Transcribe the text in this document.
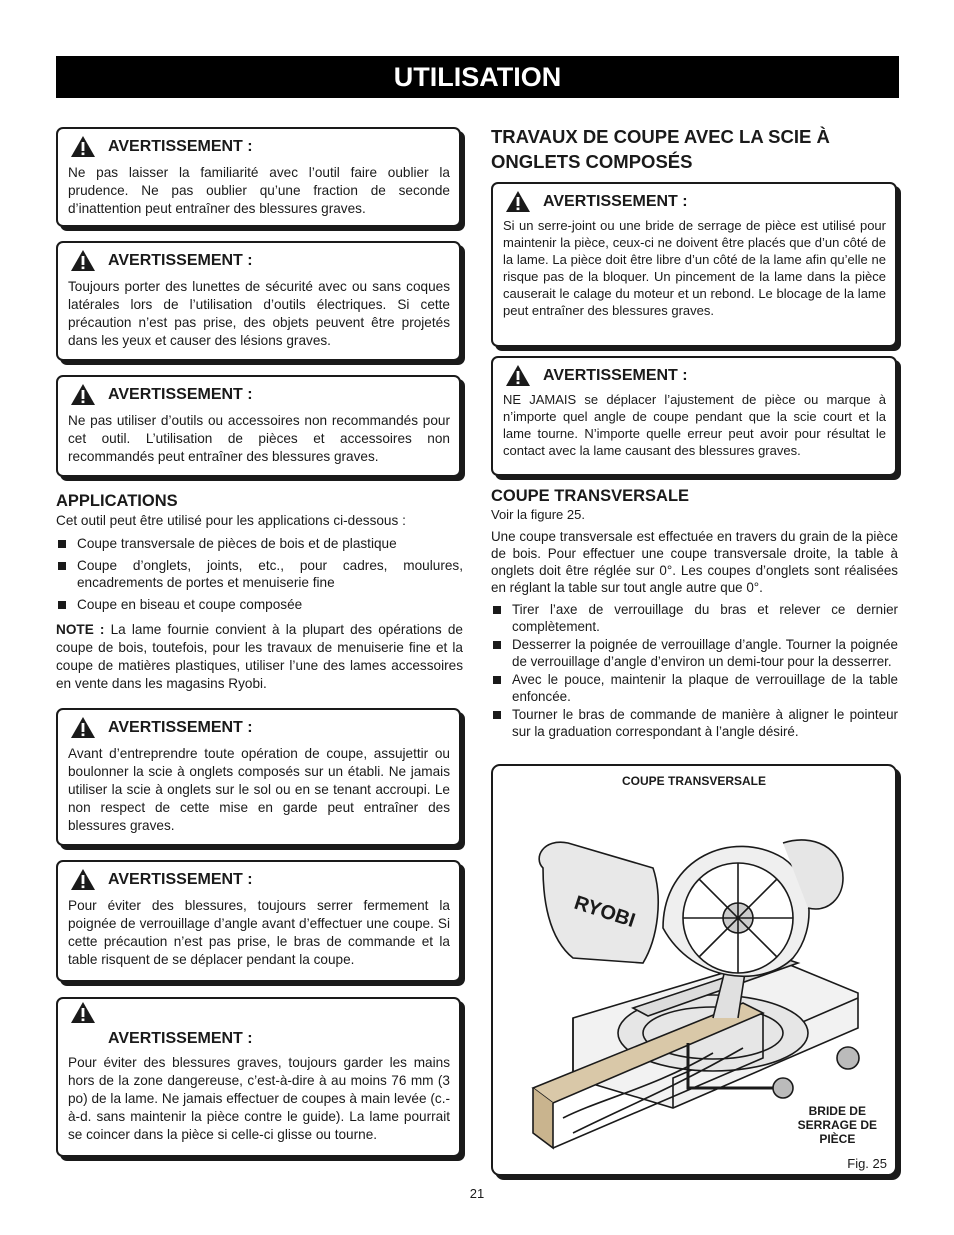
UTILISATION
AVERTISSEMENT :
Ne pas laisser la familiarité avec l’outil faire oublier la prudence. Ne pas oublier qu’une fraction de seconde d’inattention peut entraîner des blessures graves.
AVERTISSEMENT :
Toujours porter des lunettes de sécurité avec ou sans coques latérales lors de l’utilisation d’outils électriques. Si cette précaution n’est pas prise, des objets peuvent être projetés dans les yeux et causer des lésions graves.
AVERTISSEMENT :
Ne pas utiliser d’outils ou accessoires non recommandés pour cet outil. L’utilisation de pièces et accessoires non recommandés peut entraîner des blessures graves.
APPLICATIONS
Cet outil peut être utilisé pour les applications ci-dessous :
Coupe transversale de pièces de bois et de plastique
Coupe d’onglets, joints, etc., pour cadres, moulures, encadrements de portes et menuiserie fine
Coupe en biseau et coupe composée
NOTE : La lame fournie convient à la plupart des opérations de coupe de bois, toutefois, pour les travaux de menuiserie fine et la coupe de matières plastiques, utiliser l’une des lames accessoires en vente dans les magasins Ryobi.
AVERTISSEMENT :
Avant d’entreprendre toute opération de coupe, assujettir ou boulonner la scie à onglets composés sur un établi. Ne jamais utiliser la scie à onglets sur le sol ou en se tenant accroupi. Le non respect de cette mise en garde peut entraîner des blessures graves.
AVERTISSEMENT :
Pour éviter des blessures, toujours serrer fermement la poignée de verrouillage d’angle avant d’effectuer une coupe. Si cette précaution n’est pas prise, le bras de commande et la table risquent de se déplacer pendant la coupe.
AVERTISSEMENT :
Pour éviter des blessures graves, toujours garder les mains hors de la zone dangereuse, c’est-à-dire à au moins 76 mm (3 po) de la lame. Ne jamais effectuer de coupes à main levée (c.-à-d. sans maintenir la pièce contre le guide). La lame pourrait se coincer dans la pièce si celle-ci glisse ou tourne.
TRAVAUX DE COUPE AVEC LA SCIE À ONGLETS COMPOSÉS
AVERTISSEMENT :
Si un serre-joint ou une bride de serrage de pièce est utilisé pour maintenir la pièce, ceux-ci ne doivent être placés que d’un côté de la lame. La pièce doit être libre d’un côté de la lame afin qu’elle ne risque pas de la bloquer. Un pincement de la lame dans la pièce causerait le calage du moteur et un rebond. Le blocage de la lame peut entraîner des blessures graves.
AVERTISSEMENT :
NE JAMAIS se déplacer l’ajustement de pièce ou marque à n’importe quel angle de coupe pendant que la scie court et la lame tourne. N’importe quelle erreur peut avoir pour résultat le contact avec la lame causant des blessures graves.
COUPE TRANSVERSALE
Voir la figure 25.
Une coupe transversale est effectuée en travers du grain de la pièce de bois. Pour effectuer une coupe transversale droite, la table à onglets doit être réglée sur 0°. Les coupes d’onglets sont réalisées en réglant la table sur tout angle autre que 0°.
Tirer l’axe de verrouillage du bras et relever ce dernier complètement.
Desserrer la poignée de verrouillage d’angle. Tourner la poignée de verrouillage d’angle d’environ un demi-tour pour la desserrer.
Avec le pouce, maintenir la plaque de verrouillage de la table enfoncée.
Tourner le bras de commande de manière à aligner le pointeur sur la graduation correspondant à l’angle désiré.
COUPE TRANSVERSALE
RYOBI
BRIDE DE
SERRAGE DE
PIÈCE
Fig. 25
21
